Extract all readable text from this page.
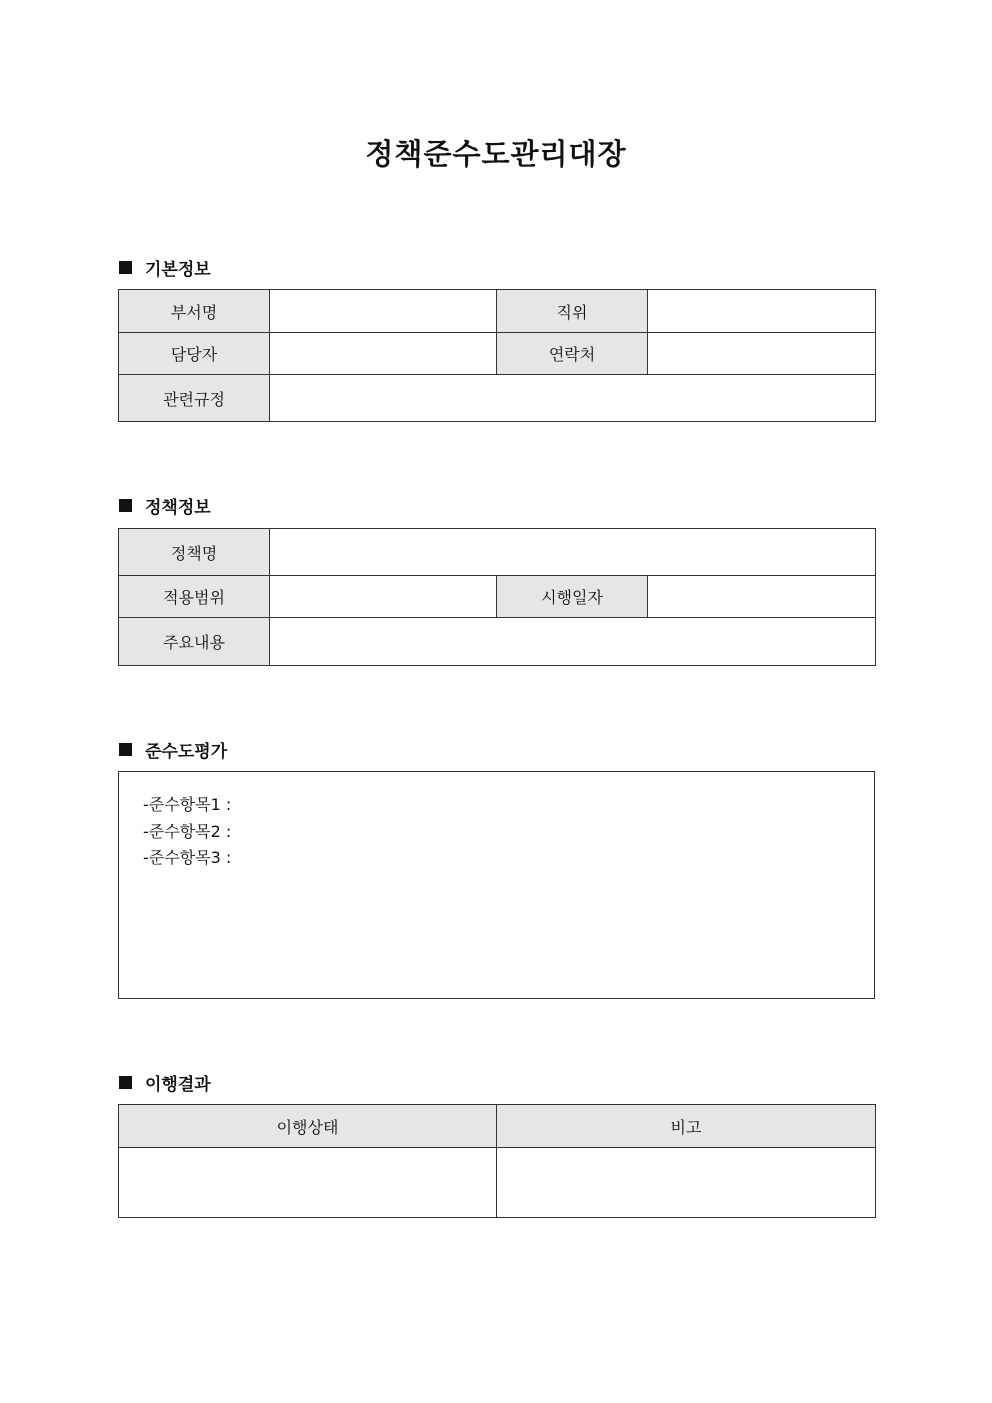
정책준수도관리대장
기본정보
부서명		직위	
담당자		연락처	
관련규정			
정책정보
정책명			
적용범위		시행일자	
주요내용			
준수도평가
-준수항목1 :
-준수항목2 :
-준수항목3 :
이행결과
이행상태	비고
